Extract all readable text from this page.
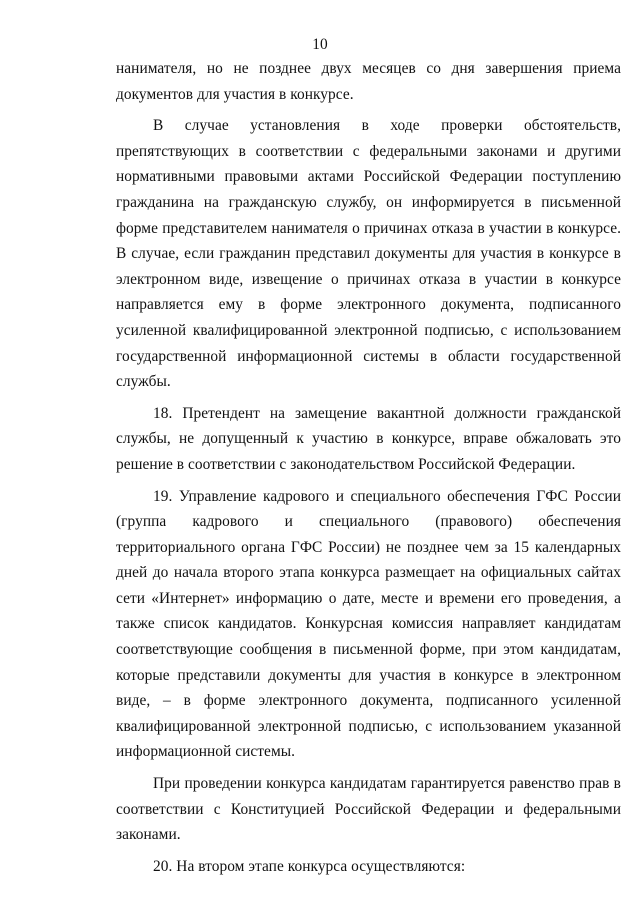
10

нанимателя, но не позднее двух месяцев со дня завершения приема документов для участия в конкурсе.

В случае установления в ходе проверки обстоятельств, препятствующих в соответствии с федеральными законами и другими нормативными правовыми актами Российской Федерации поступлению гражданина на гражданскую службу, он информируется в письменной форме представителем нанимателя о причинах отказа в участии в конкурсе. В случае, если гражданин представил документы для участия в конкурсе в электронном виде, извещение о причинах отказа в участии в конкурсе направляется ему в форме электронного документа, подписанного усиленной квалифицированной электронной подписью, с использованием государственной информационной системы в области государственной службы.

18. Претендент на замещение вакантной должности гражданской службы, не допущенный к участию в конкурсе, вправе обжаловать это решение в соответствии с законодательством Российской Федерации.

19. Управление кадрового и специального обеспечения ГФС России (группа кадрового и специального (правового) обеспечения территориального органа ГФС России) не позднее чем за 15 календарных дней до начала второго этапа конкурса размещает на официальных сайтах сети «Интернет» информацию о дате, месте и времени его проведения, а также список кандидатов. Конкурсная комиссия направляет кандидатам соответствующие сообщения в письменной форме, при этом кандидатам, которые представили документы для участия в конкурсе в электронном виде, – в форме электронного документа, подписанного усиленной квалифицированной электронной подписью, с использованием указанной информационной системы.

При проведении конкурса кандидатам гарантируется равенство прав в соответствии с Конституцией Российской Федерации и федеральными законами.

20. На втором этапе конкурса осуществляются:
